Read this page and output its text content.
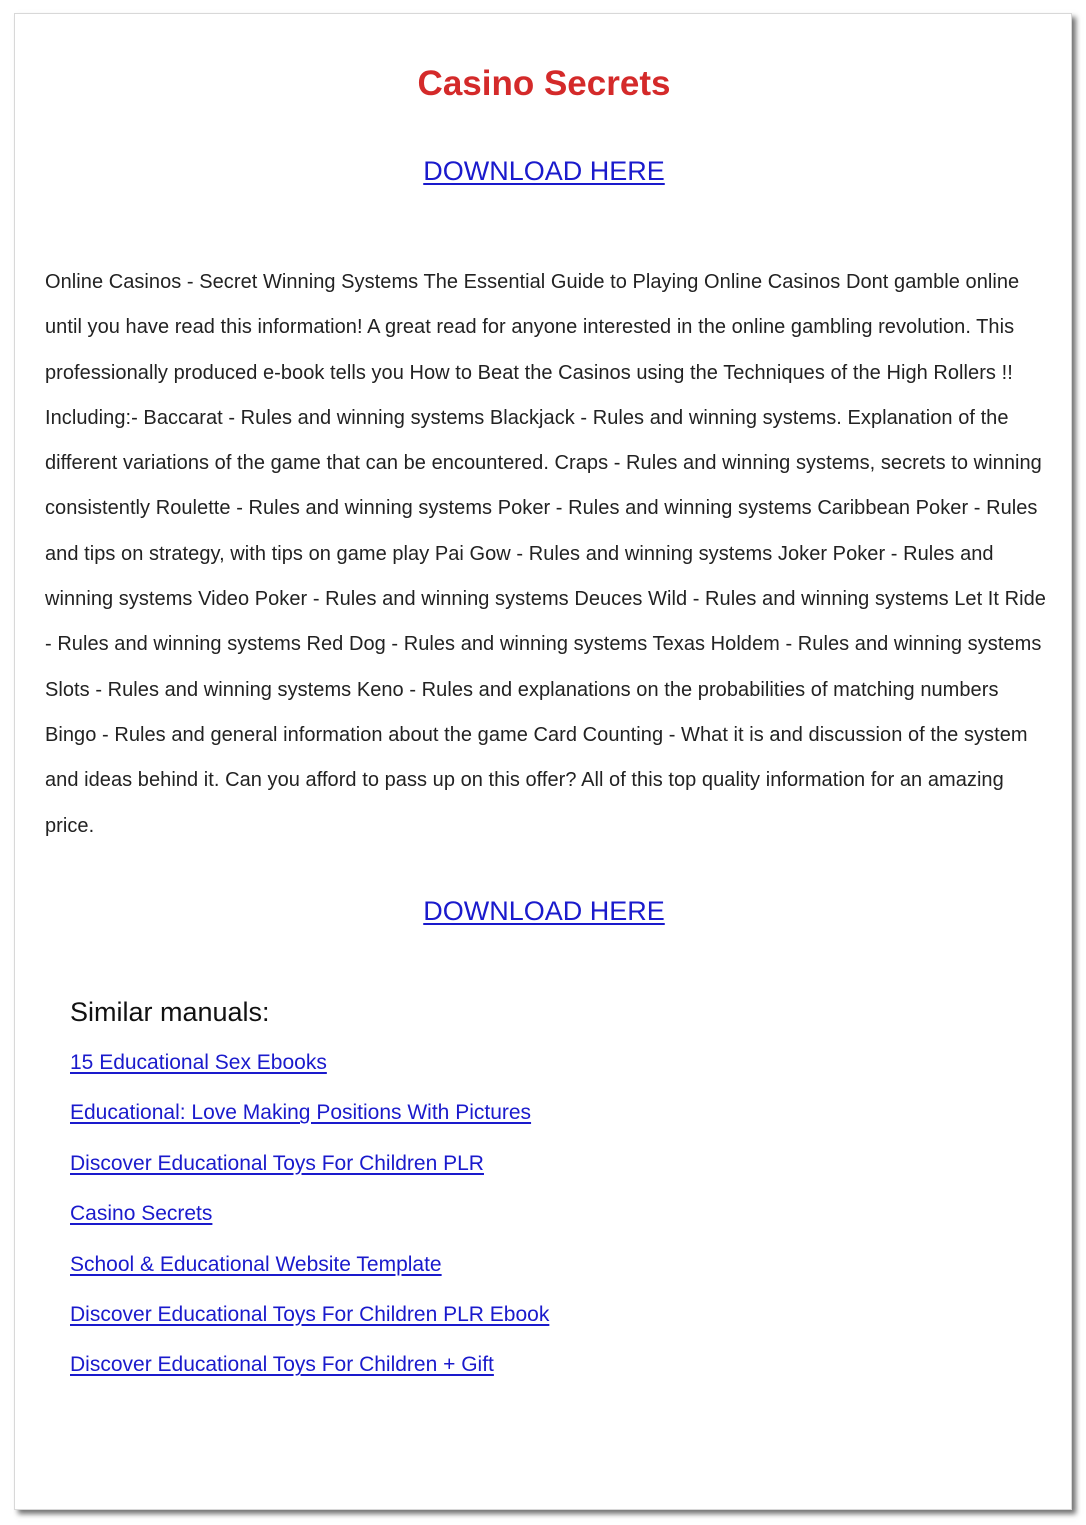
Casino Secrets
DOWNLOAD HERE

Online Casinos - Secret Winning Systems The Essential Guide to Playing Online Casinos Dont gamble online until you have read this information! A great read for anyone interested in the online gambling revolution. This professionally produced e-book tells you How to Beat the Casinos using the Techniques of the High Rollers !! Including:- Baccarat - Rules and winning systems Blackjack - Rules and winning systems. Explanation of the different variations of the game that can be encountered. Craps - Rules and winning systems, secrets to winning consistently Roulette - Rules and winning systems Poker - Rules and winning systems Caribbean Poker - Rules and tips on strategy, with tips on game play Pai Gow - Rules and winning systems Joker Poker - Rules and winning systems Video Poker - Rules and winning systems Deuces Wild - Rules and winning systems Let It Ride - Rules and winning systems Red Dog - Rules and winning systems Texas Holdem - Rules and winning systems Slots - Rules and winning systems Keno - Rules and explanations on the probabilities of matching numbers Bingo - Rules and general information about the game Card Counting - What it is and discussion of the system and ideas behind it. Can you afford to pass up on this offer? All of this top quality information for an amazing price.

DOWNLOAD HERE
Similar manuals:
15 Educational Sex Ebooks
Educational: Love Making Positions With Pictures
Discover Educational Toys For Children PLR
Casino Secrets
School & Educational Website Template
Discover Educational Toys For Children PLR Ebook
Discover Educational Toys For Children + Gift
